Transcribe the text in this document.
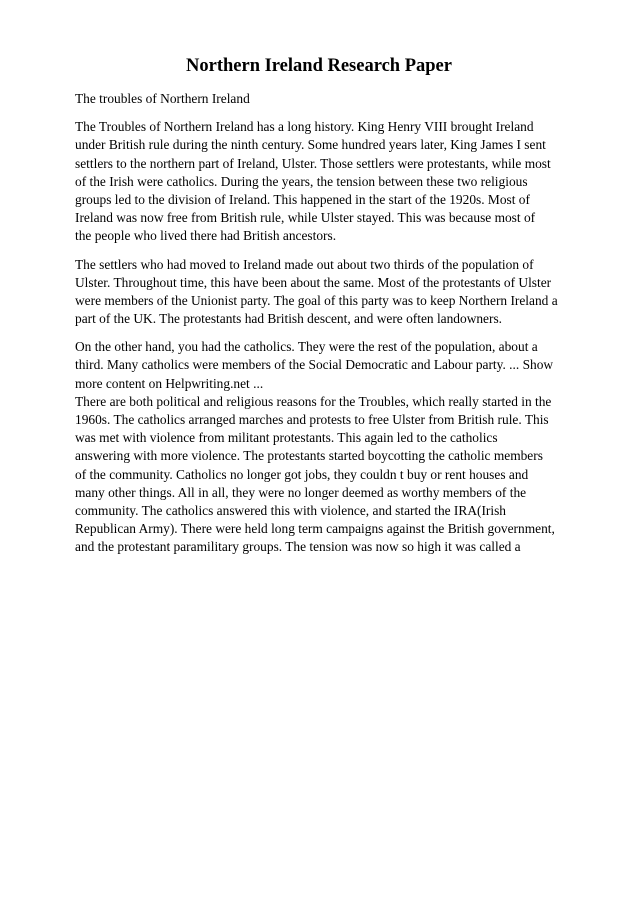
Northern Ireland Research Paper
The troubles of Northern Ireland
The Troubles of Northern Ireland has a long history. King Henry VIII brought Ireland
under British rule during the ninth century. Some hundred years later, King James I sent
settlers to the northern part of Ireland, Ulster. Those settlers were protestants, while most
of the Irish were catholics. During the years, the tension between these two religious
groups led to the division of Ireland. This happened in the start of the 1920s. Most of
Ireland was now free from British rule, while Ulster stayed. This was because most of
the people who lived there had British ancestors.
The settlers who had moved to Ireland made out about two thirds of the population of
Ulster. Throughout time, this have been about the same. Most of the protestants of Ulster
were members of the Unionist party. The goal of this party was to keep Northern Ireland a
part of the UK. The protestants had British descent, and were often landowners.
On the other hand, you had the catholics. They were the rest of the population, about a
third. Many catholics were members of the Social Democratic and Labour party. ... Show
more content on Helpwriting.net ...
There are both political and religious reasons for the Troubles, which really started in the
1960s. The catholics arranged marches and protests to free Ulster from British rule. This
was met with violence from militant protestants. This again led to the catholics
answering with more violence. The protestants started boycotting the catholic members
of the community. Catholics no longer got jobs, they couldn t buy or rent houses and
many other things. All in all, they were no longer deemed as worthy members of the
community. The catholics answered this with violence, and started the IRA(Irish
Republican Army). There were held long term campaigns against the British government,
and the protestant paramilitary groups. The tension was now so high it was called a
